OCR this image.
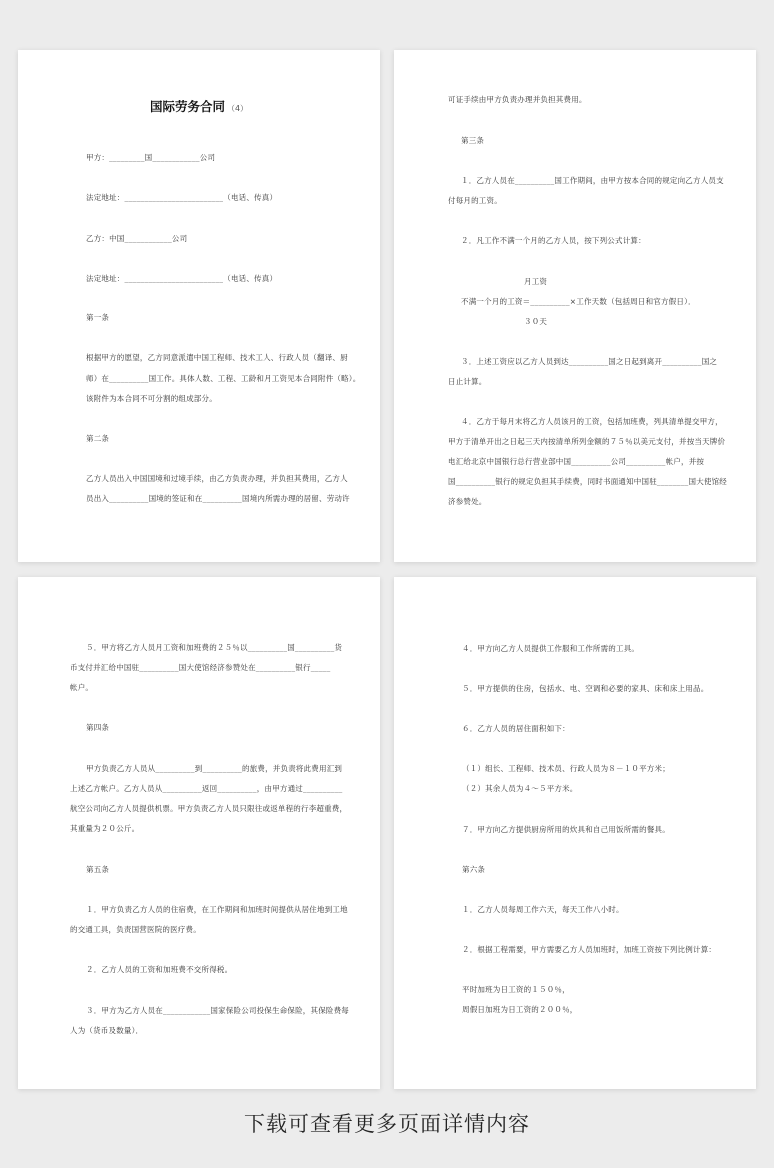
国际劳务合同 （4）
甲方：_________国____________公司
法定地址：_________________________（电话、传真）
乙方：中国____________公司
法定地址：_________________________（电话、传真）
第一条
根据甲方的愿望，乙方同意派遣中国工程师、技术工人、行政人员（翻译、厨
师）在__________国工作。具体人数、工程、工龄和月工资见本合同附件（略）。
该附件为本合同不可分割的组成部分。
第二条
乙方人员出入中国国境和过境手续，由乙方负责办理，并负担其费用，乙方人
员出入__________国境的签证和在__________国境内所需办理的居留、劳动许
可证手续由甲方负责办理并负担其费用。
第三条
１．乙方人员在__________国工作期间，由甲方按本合同的规定向乙方人员支
付每月的工资。
２．凡工作不满一个月的乙方人员，按下列公式计算：
月工资
不满一个月的工资＝__________×工作天数（包括周日和官方假日）．
３０天
３．上述工资应以乙方人员到达__________国之日起到离开__________国之
日止计算。
４．乙方于每月末将乙方人员该月的工资，包括加班费，列具清单提交甲方，
甲方于清单开出之日起三天内按清单所列金额的７５％以美元支付，并按当天牌价
电汇给北京中国银行总行营业部中国__________公司__________帐户，并按
国__________银行的规定负担其手续费，同时书面通知中国驻________国大使馆经
济参赞处。
５．甲方将乙方人员月工资和加班费的２５％以__________国__________货
币支付并汇给中国驻__________国大使馆经济参赞处在__________银行_____
帐户。
第四条
甲方负责乙方人员从__________到__________的旅费，并负责将此费用汇到
上述乙方帐户。乙方人员从__________返回__________，由甲方通过__________
航空公司向乙方人员提供机票。甲方负责乙方人员只限往或返单程的行李超重费，
其重量为２０公斤。
第五条
１．甲方负责乙方人员的住宿费，在工作期间和加班时间提供从居住地到工地
的交通工具，负责国营医院的医疗费。
２．乙方人员的工资和加班费不交所得税。
３．甲方为乙方人员在____________国家保险公司投保生命保险，其保险费每
人为（货币及数量）．
４．甲方向乙方人员提供工作服和工作所需的工具。
５．甲方提供的住房，包括水、电、空调和必要的家具、床和床上用品。
６．乙方人员的居住面积如下：
（１）组长、工程师、技术员、行政人员为８－１０平方米；
（２）其余人员为４～５平方米。
７．甲方向乙方提供厨房所用的炊具和自己用饭所需的餐具。
第六条
１．乙方人员每周工作六天，每天工作八小时。
２．根据工程需要，甲方需要乙方人员加班时，加班工资按下列比例计算：
平时加班为日工资的１５０％，
周假日加班为日工资的２００％，
下载可查看更多页面详情内容
